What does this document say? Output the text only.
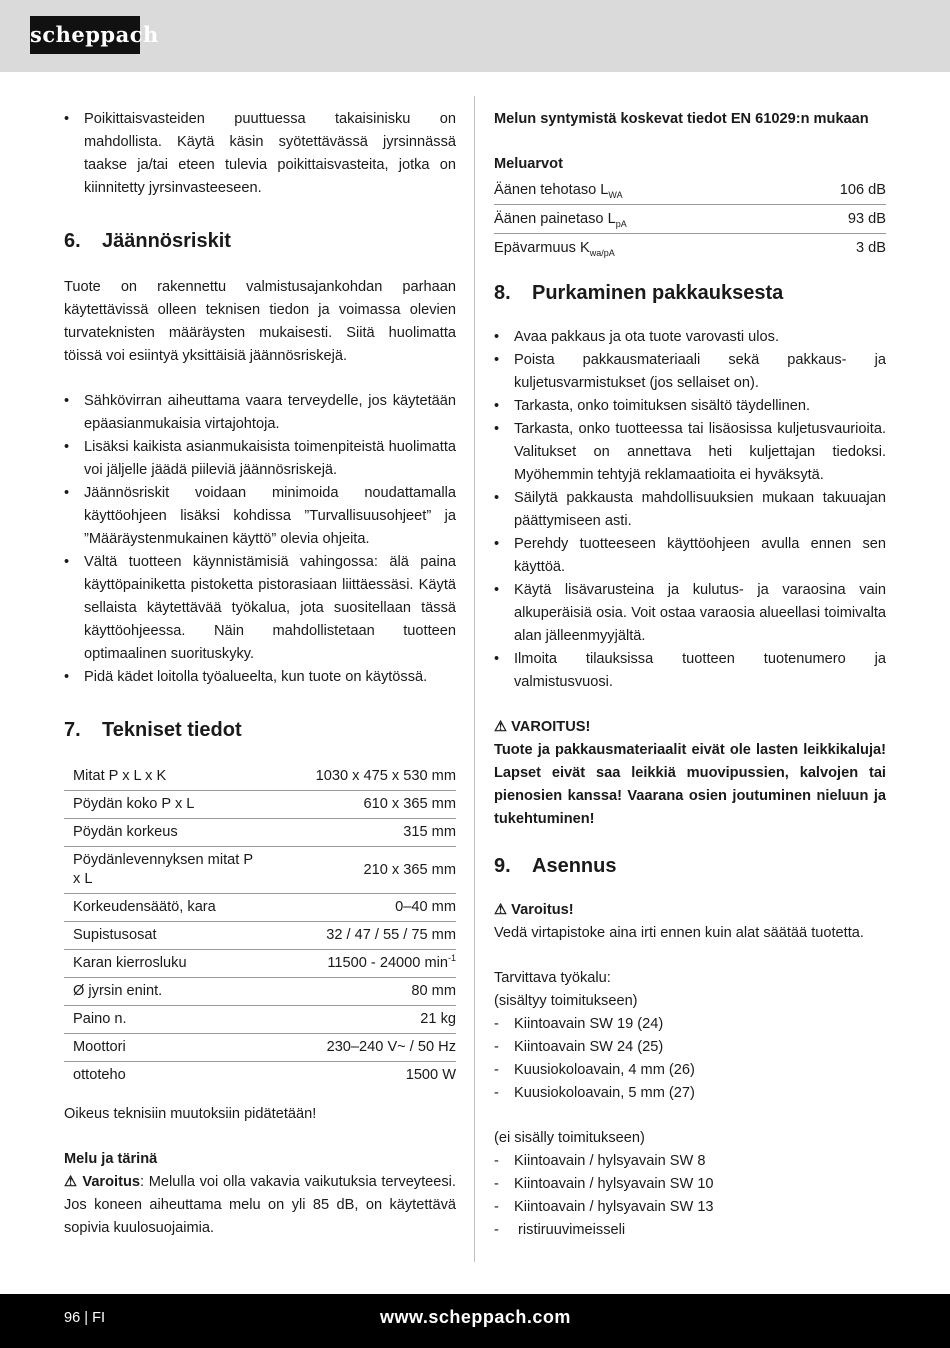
scheppach
• Poikittaisvasteiden puuttuessa takaisinisku on mahdollista. Käytä käsin syötettävässä jyrsinnässä taakse ja/tai eteen tulevia poikittaisvasteita, jotka on kiinnitetty jyrsinvasteeseen.
6. Jäännösriskit

Tuote on rakennettu valmistusajankohdan parhaan käytettävissä olleen teknisen tiedon ja voimassa olevien turvateknisten määräysten mukaisesti. Siitä huolimatta töissä voi esiintyä yksittäisiä jäännösriskejä.

• Sähkövirran aiheuttama vaara terveydelle, jos käytetään epäasianmukaisia virtajohtoja.
• Lisäksi kaikista asianmukaisista toimenpiteistä huolimatta voi jäljelle jäädä piileviä jäännösriskejä.
• Jäännösriskit voidaan minimoida noudattamalla käyttöohjeen lisäksi kohdissa ”Turvallisuusohjeet” ja ”Määräystenmukainen käyttö” olevia ohjeita.
• Vältä tuotteen käynnistämisiä vahingossa: älä paina käyttöpainiketta pistoketta pistorasiaan liittäessäsi. Käytä sellaista käytettävää työkalua, jota suositellaan tässä käyttöohjeessa. Näin mahdollistetaan tuotteen optimaalinen suorituskyky.
• Pidä kädet loitolla työalueelta, kun tuote on käytössä.
7. Tekniset tiedot
Mitat P x L x K	1030 x 475 x 530 mm
Pöydän koko P x L	610 x 365 mm
Pöydän korkeus	315 mm
Pöydänlevennyksen mitat P x L	210 x 365 mm
Korkeudensäätö, kara	0–40 mm
Supistusosat	32 / 47 / 55 / 75 mm
Karan kierrosluku	11500 - 24000 $\min^{-1}$
Ø jyrsin enint.	80 mm
Paino n.	21 kg
Moottori	230–240 V~ / 50 Hz
ottoteho	1500 W

Oikeus teknisiin muutoksiin pidätetään!

Melu ja tärinä

⚠ Varoitus: Melulla voi olla vakavia vaikutuksia terveyteesi. Jos koneen aiheuttama melu on yli 85 dB, on käytettävä sopivia kuulosuojaimia.

Melun syntymistä koskevat tiedot EN 61029:n mukaan

Meluarvot

Äänen tehotaso $L_{WA}$	106 dB
Äänen painetaso $L_{pA}$	93 dB
Epävarmuus $K_{wa/pA}$	3 dB
8. Purkaminen pakkauksesta
• Avaa pakkaus ja ota tuote varovasti ulos.
• Poista pakkausmateriaali sekä pakkaus- ja kuljetusvarmistukset (jos sellaiset on).
• Tarkasta, onko toimituksen sisältö täydellinen.
• Tarkasta, onko tuotteessa tai lisäosissa kuljetusvaurioita. Valitukset on annettava heti kuljettajan tiedoksi. Myöhemmin tehtyjä reklamaatioita ei hyväksytä.
• Säilytä pakkausta mahdollisuuksien mukaan takuuajan päättymiseen asti.
• Perehdy tuotteeseen käyttöohjeen avulla ennen sen käyttöä.
• Käytä lisävarusteina ja kulutus- ja varaosina vain alkuperäisiä osia. Voit ostaa varaosia alueellasi toimivalta alan jälleenmyyjältä.
• Ilmoita tilauksissa tuotteen tuotenumero ja valmistusvuosi.

⚠ VAROITUS!

Tuote ja pakkausmateriaalit eivät ole lasten leikkikaluja! Lapset eivät saa leikkiä muovipussien, kalvojen tai pienosien kanssa! Vaarana osien joutuminen nieluun ja tukehtuminen!

9. Asennus

⚠ Varoitus!

Vedä virtapistoke aina irti ennen kuin alat säätää tuotetta.

Tarvittava työkalu:

(sisältyy toimitukseen)

- Kiintoavain SW 19 (24)
- Kiintoavain SW 24 (25)
- Kuusiokoloavain, 4 mm (26)
- Kuusiokoloavain, 5 mm (27)

(ei sisälly toimitukseen)

- Kiintoavain / hylsyavain SW 8
- Kiintoavain / hylsyavain SW 10
- Kiintoavain / hylsyavain SW 13
-  ristiruuvimeisseli
96 | FI	www.scheppach.com
